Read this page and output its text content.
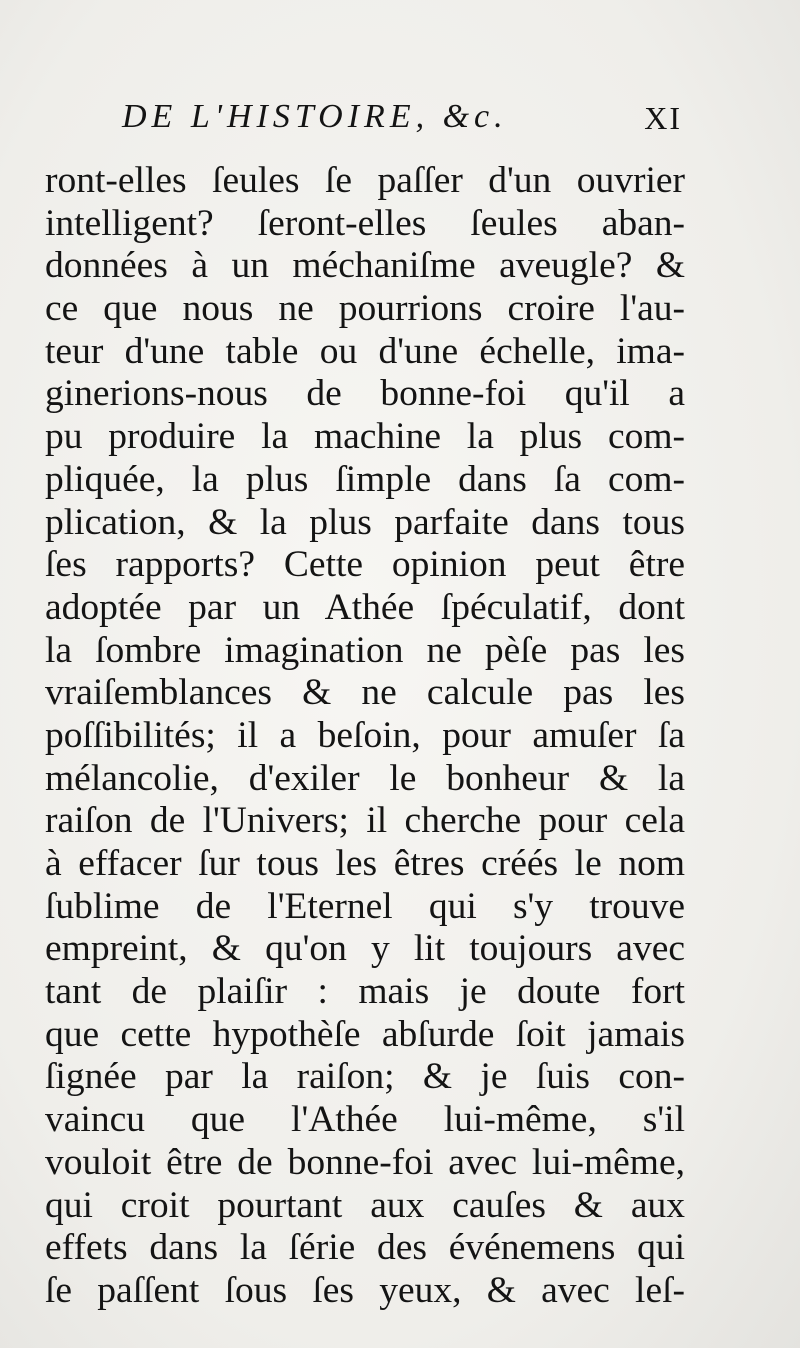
DE L'HISTOIRE, &c.	XI
ront-elles ſeules ſe paſſer d'un ouvrier
intelligent? ſeront-elles ſeules aban-
données à un méchaniſme aveugle? &
ce que nous ne pourrions croire l'au-
teur d'une table ou d'une échelle, ima-
ginerions-nous de bonne-foi qu'il a
pu produire la machine la plus com-
pliquée, la plus ſimple dans ſa com-
plication, & la plus parfaite dans tous
ſes rapports? Cette opinion peut être
adoptée par un Athée ſpéculatif, dont
la ſombre imagination ne pèſe pas les
vraiſemblances & ne calcule pas les
poſſibilités; il a beſoin, pour amuſer ſa
mélancolie, d'exiler le bonheur & la
raiſon de l'Univers; il cherche pour cela
à effacer ſur tous les êtres créés le nom
ſublime de l'Eternel qui s'y trouve
empreint, & qu'on y lit toujours avec
tant de plaiſir : mais je doute fort
que cette hypothèſe abſurde ſoit jamais
ſignée par la raiſon; & je ſuis con-
vaincu que l'Athée lui-même, s'il
vouloit être de bonne-foi avec lui-même,
qui croit pourtant aux cauſes & aux
effets dans la ſérie des événemens qui
ſe paſſent ſous ſes yeux, & avec leſ-
